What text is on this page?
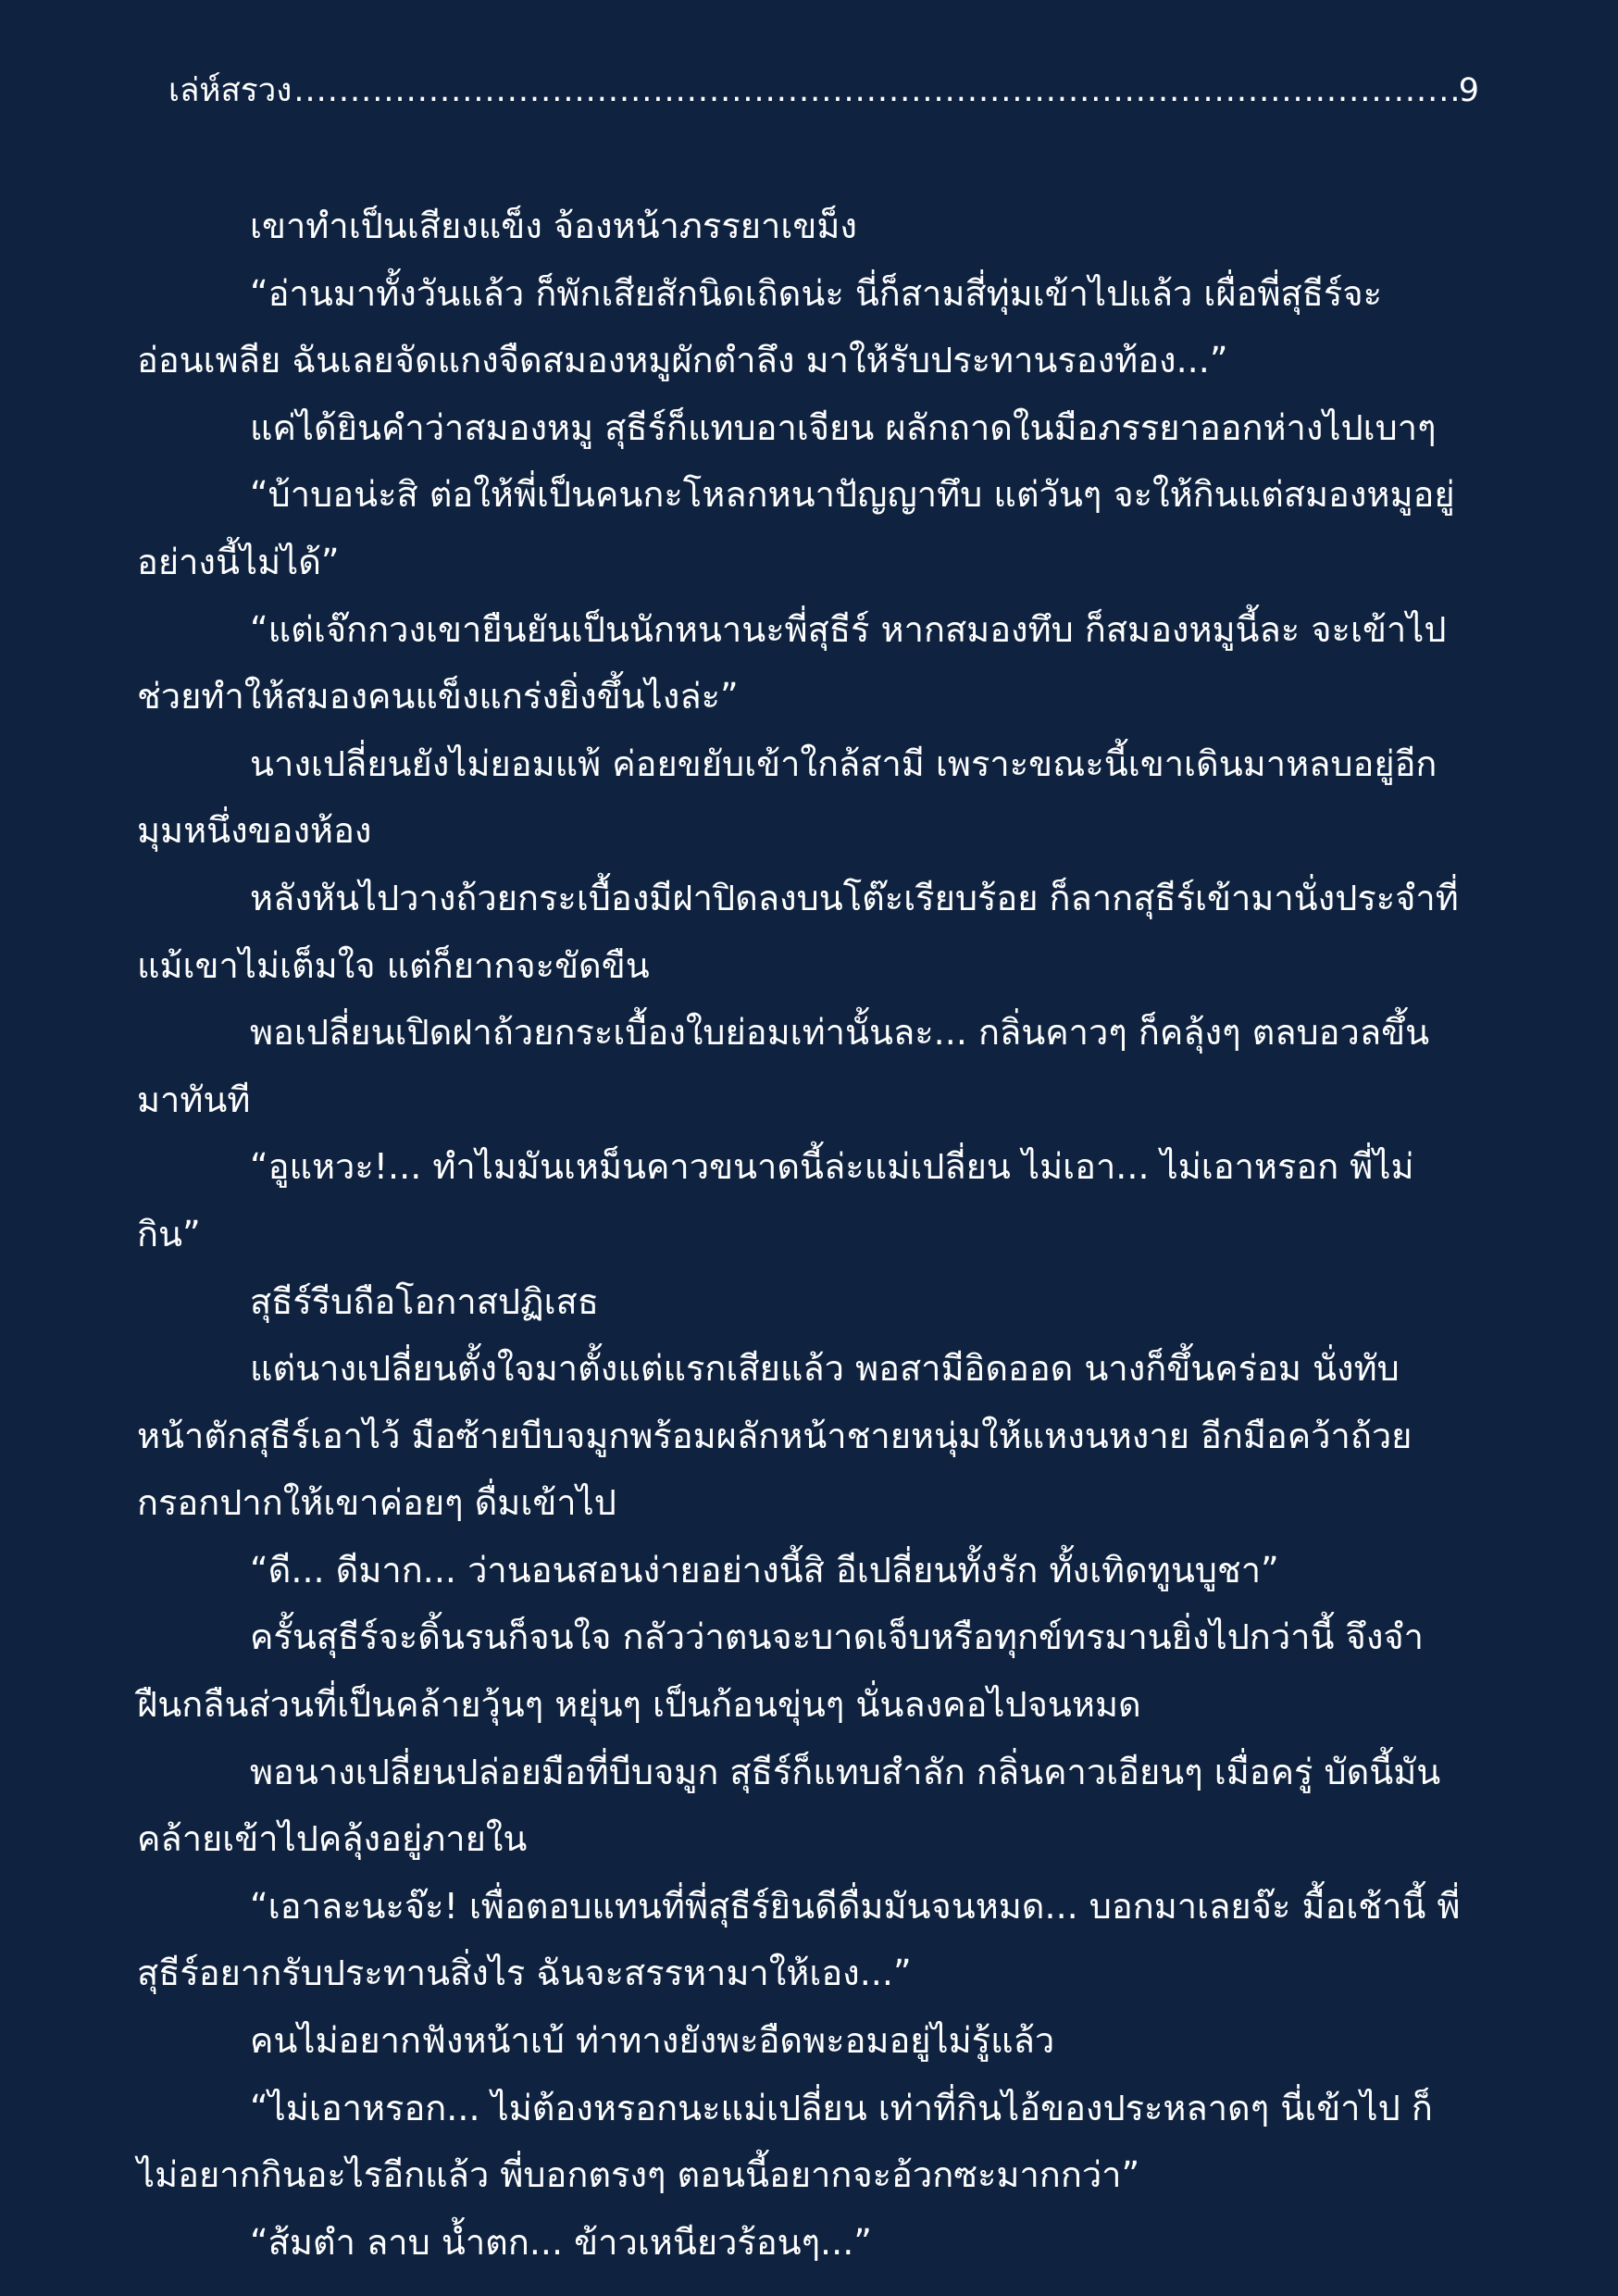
เล่ห์สรวง
.....	9

เขาทำเป็นเสียงแข็ง จ้องหน้าภรรยาเขม็ง

“อ่านมาทั้งวันแล้ว ก็พักเสียสักนิดเถิดน่ะ นี่ก็สามสี่ทุ่มเข้าไปแล้ว เผื่อพี่สุธีร์จะอ่อนเพลีย ฉันเลยจัดแกงจืดสมองหมูผักตำลึง มาให้รับประทานรองท้อง...”

แค่ได้ยินคำว่าสมองหมู สุธีร์ก็แทบอาเจียน ผลักถาดในมือภรรยาออกห่างไปเบาๆ

“บ้าบอน่ะสิ ต่อให้พี่เป็นคนกะโหลกหนาปัญญาทึบ แต่วันๆ จะให้กินแต่สมองหมูอยู่อย่างนี้ไม่ได้”

“แต่เจ๊กกวงเขายืนยันเป็นนักหนานะพี่สุธีร์ หากสมองทึบ ก็สมองหมูนี้ละ จะเข้าไปช่วยทำให้สมองคนแข็งแกร่งยิ่งขึ้นไงล่ะ”

นางเปลี่ยนยังไม่ยอมแพ้ ค่อยขยับเข้าใกล้สามี เพราะขณะนี้เขาเดินมาหลบอยู่อีกมุมหนึ่งของห้อง

หลังหันไปวางถ้วยกระเบื้องมีฝาปิดลงบนโต๊ะเรียบร้อย ก็ลากสุธีร์เข้ามานั่งประจำที่ แม้เขาไม่เต็มใจ แต่ก็ยากจะขัดขืน

พอเปลี่ยนเปิดฝาถ้วยกระเบื้องใบย่อมเท่านั้นละ... กลิ่นคาวๆ ก็คลุ้งๆ ตลบอวลขึ้นมาทันที

“อูแหวะ!... ทำไมมันเหม็นคาวขนาดนี้ล่ะแม่เปลี่ยน ไม่เอา... ไม่เอาหรอก พี่ไม่กิน”

สุธีร์รีบถือโอกาสปฏิเสธ

แต่นางเปลี่ยนตั้งใจมาตั้งแต่แรกเสียแล้ว พอสามีอิดออด นางก็ขึ้นคร่อม นั่งทับหน้าตักสุธีร์เอาไว้ มือซ้ายบีบจมูกพร้อมผลักหน้าชายหนุ่มให้แหงนหงาย อีกมือคว้าถ้วย กรอกปากให้เขาค่อยๆ ดื่มเข้าไป

“ดี... ดีมาก... ว่านอนสอนง่ายอย่างนี้สิ อีเปลี่ยนทั้งรัก ทั้งเทิดทูนบูชา”

ครั้นสุธีร์จะดิ้นรนก็จนใจ กลัวว่าตนจะบาดเจ็บหรือทุกข์ทรมานยิ่งไปกว่านี้ จึงจำฝืนกลืนส่วนที่เป็นคล้ายวุ้นๆ หยุ่นๆ เป็นก้อนขุ่นๆ นั่นลงคอไปจนหมด

พอนางเปลี่ยนปล่อยมือที่บีบจมูก สุธีร์ก็แทบสำลัก กลิ่นคาวเอียนๆ เมื่อครู่ บัดนี้มันคล้ายเข้าไปคลุ้งอยู่ภายใน

“เอาละนะจ๊ะ! เพื่อตอบแทนที่พี่สุธีร์ยินดีดื่มมันจนหมด... บอกมาเลยจ๊ะ มื้อเช้านี้ พี่สุธีร์อยากรับประทานสิ่งไร ฉันจะสรรหามาให้เอง...”

คนไม่อยากฟังหน้าเบ้ ท่าทางยังพะอืดพะอมอยู่ไม่รู้แล้ว

“ไม่เอาหรอก... ไม่ต้องหรอกนะแม่เปลี่ยน เท่าที่กินไอ้ของประหลาดๆ นี่เข้าไป ก็ไม่อยากกินอะไรอีกแล้ว พี่บอกตรงๆ ตอนนี้อยากจะอ้วกซะมากกว่า”

“ส้มตำ ลาบ น้ำตก... ข้าวเหนียวร้อนๆ...”
